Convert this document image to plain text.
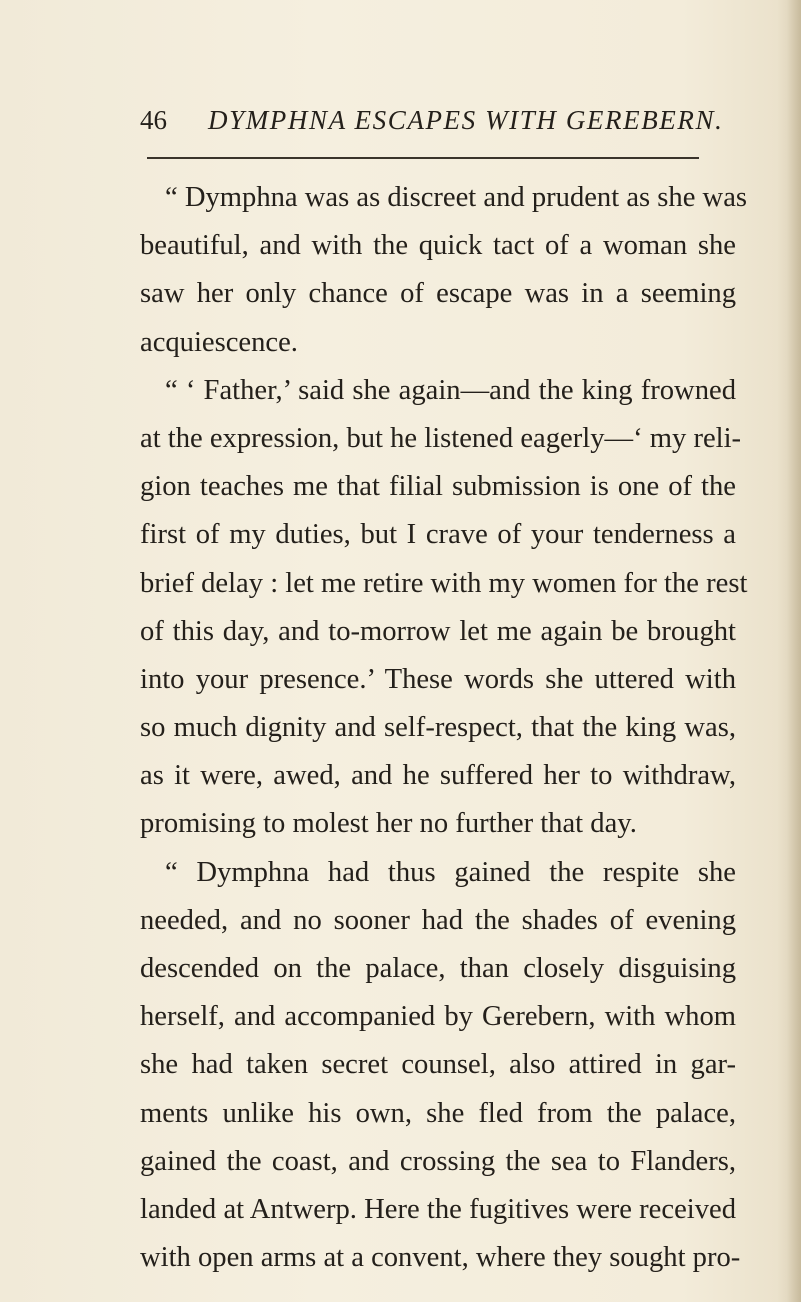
46 DYMPHNA ESCAPES WITH GEREBERN.
“ Dymphna was as discreet and prudent as she was
beautiful, and with the quick tact of a woman she
saw her only chance of escape was in a seeming
acquiescence.
“ ‘ Father,’ said she again—and the king frowned
at the expression, but he listened eagerly—‘ my reli-
gion teaches me that filial submission is one of the
first of my duties, but I crave of your tenderness a
brief delay : let me retire with my women for the rest
of this day, and to-morrow let me again be brought
into your presence.’ These words she uttered with
so much dignity and self-respect, that the king was,
as it were, awed, and he suffered her to withdraw,
promising to molest her no further that day.
“ Dymphna had thus gained the respite she
needed, and no sooner had the shades of evening
descended on the palace, than closely disguising
herself, and accompanied by Gerebern, with whom
she had taken secret counsel, also attired in gar-
ments unlike his own, she fled from the palace,
gained the coast, and crossing the sea to Flanders,
landed at Antwerp. Here the fugitives were received
with open arms at a convent, where they sought pro-
